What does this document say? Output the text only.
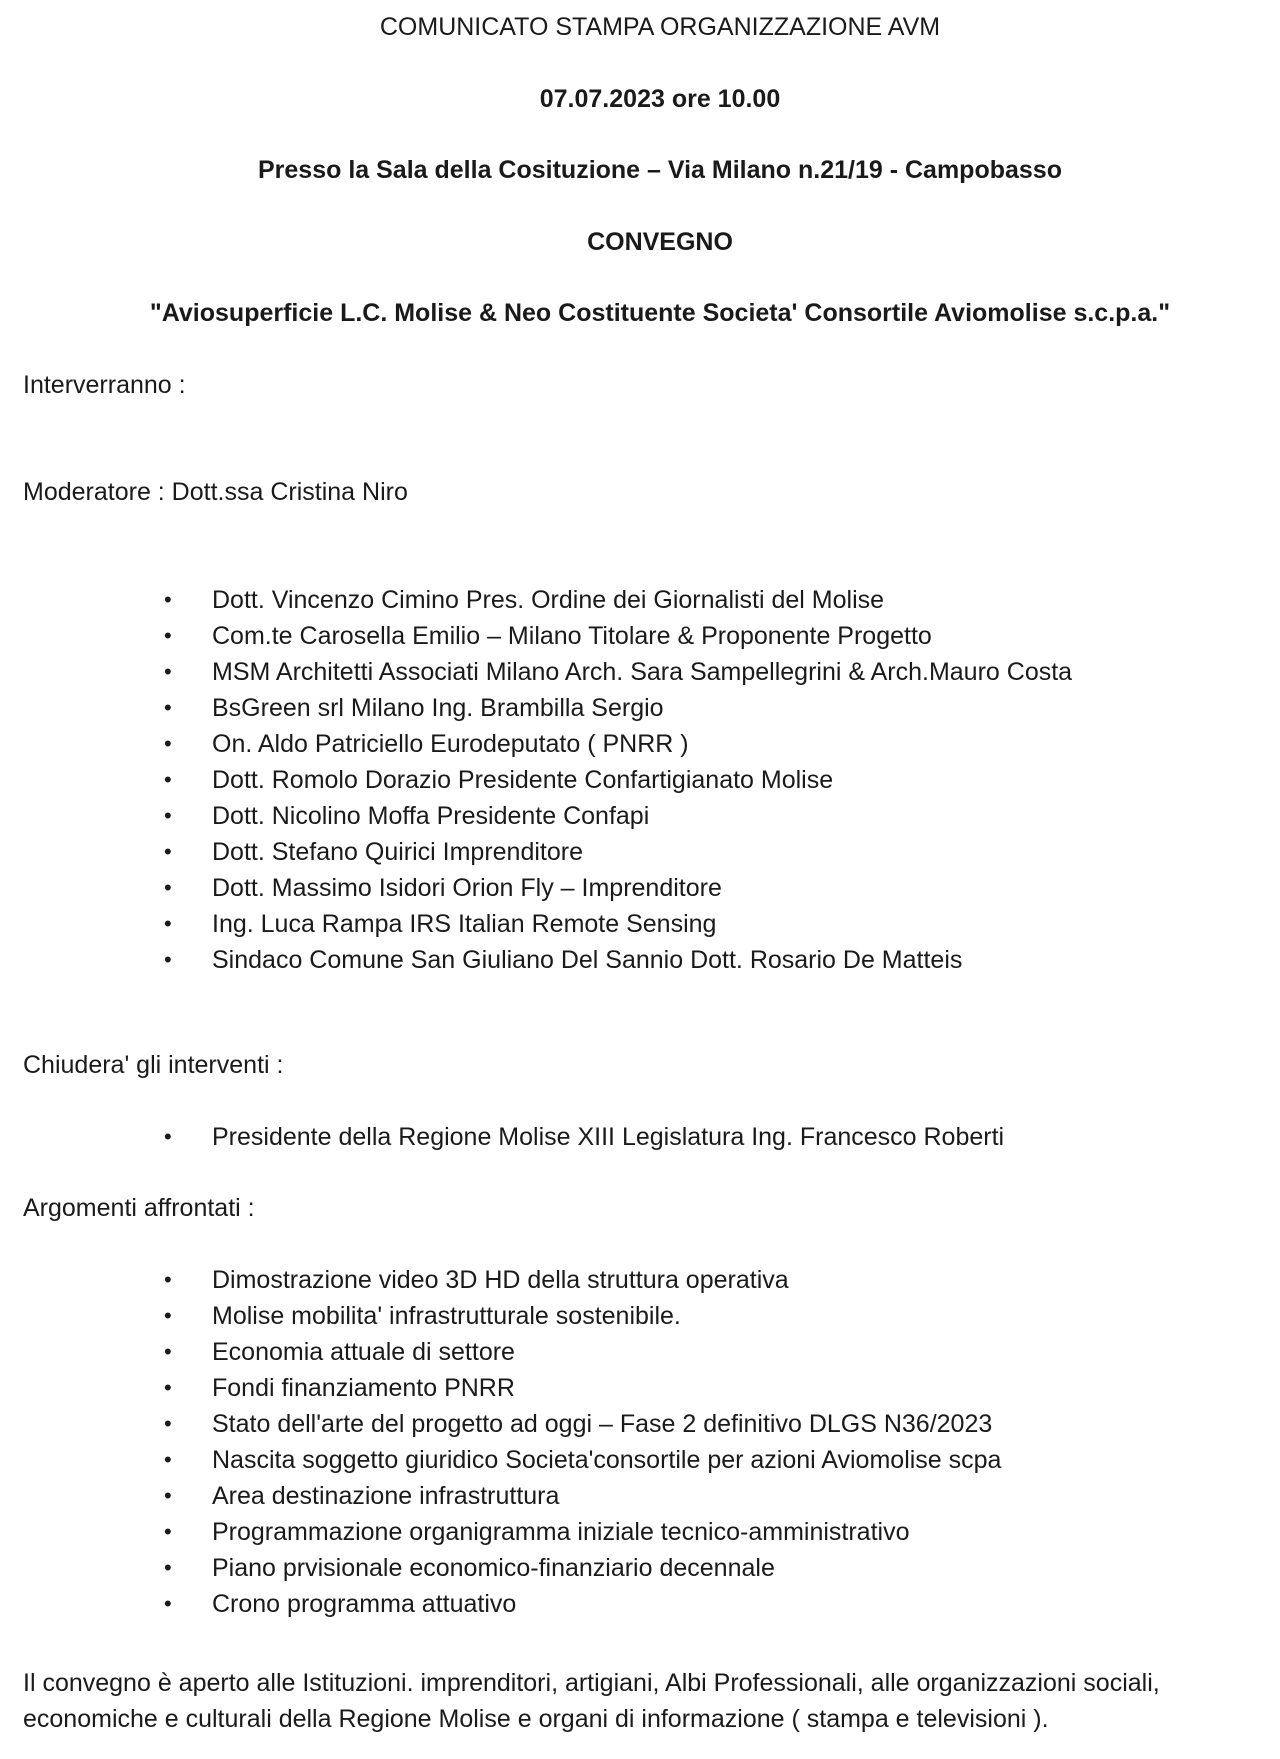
COMUNICATO STAMPA ORGANIZZAZIONE AVM
07.07.2023 ore 10.00
Presso la Sala della Cosituzione – Via Milano n.21/19 - Campobasso
CONVEGNO
"Aviosuperficie L.C. Molise & Neo Costituente Societa' Consortile Aviomolise s.c.p.a."
Interverranno :
Moderatore : Dott.ssa Cristina Niro
• Dott. Vincenzo Cimino Pres. Ordine dei Giornalisti del Molise
• Com.te Carosella Emilio – Milano Titolare & Proponente Progetto
• MSM Architetti Associati Milano Arch. Sara Sampellegrini & Arch.Mauro Costa
• BsGreen srl Milano Ing. Brambilla Sergio
• On. Aldo Patriciello Eurodeputato ( PNRR )
• Dott. Romolo Dorazio Presidente Confartigianato Molise
• Dott. Nicolino Moffa Presidente Confapi
• Dott. Stefano Quirici Imprenditore
• Dott. Massimo Isidori Orion Fly – Imprenditore
• Ing. Luca Rampa IRS Italian Remote Sensing
• Sindaco Comune San Giuliano Del Sannio Dott. Rosario De Matteis
Chiudera' gli interventi :
• Presidente della Regione Molise XIII Legislatura Ing. Francesco Roberti
Argomenti affrontati :
• Dimostrazione video 3D HD della struttura operativa
• Molise mobilita' infrastrutturale sostenibile.
• Economia attuale di settore
• Fondi finanziamento PNRR
• Stato dell'arte del progetto ad oggi – Fase 2 definitivo DLGS N36/2023
• Nascita soggetto giuridico Societa'consortile per azioni Aviomolise scpa
• Area destinazione infrastruttura
• Programmazione organigramma iniziale tecnico-amministrativo
• Piano prvisionale economico-finanziario decennale
• Crono programma attuativo
Il convegno è aperto alle Istituzioni. imprenditori, artigiani, Albi Professionali, alle organizzazioni sociali, economiche e culturali della Regione Molise e organi di informazione ( stampa e televisioni ).
